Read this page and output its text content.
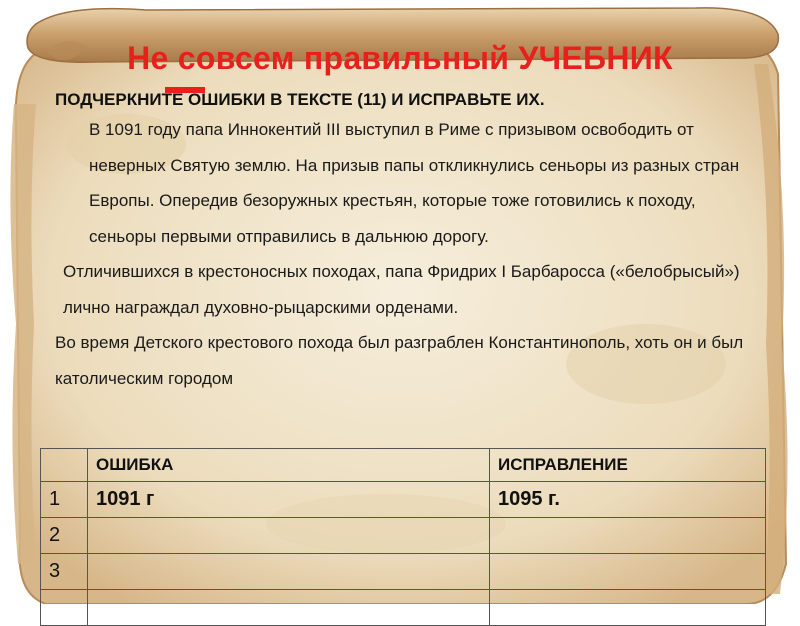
Не совсем правильный УЧЕБНИК

ПОДЧЕРКНИТЕ ОШИБКИ В ТЕКСТЕ (11) И ИСПРАВЬТЕ ИХ.

В 1091 году папа Иннокентий III выступил в Риме с призывом освободить от неверных Святую землю. На призыв папы откликнулись сеньоры из разных стран Европы. Опередив безоружных крестьян, которые тоже готовились к походу, сеньоры первыми отправились в дальнюю дорогу.

Отличившихся в крестоносных походах, папа Фридрих I Барбаросса («белобрысый») лично награждал духовно-рыцарскими орденами.

Во время Детского крестового похода был разграблен Константинополь, хоть он и был католическим городом

	ОШИБКА	ИСПРАВЛЕНИЕ
1	1091 г	1095 г.
2		
3		
